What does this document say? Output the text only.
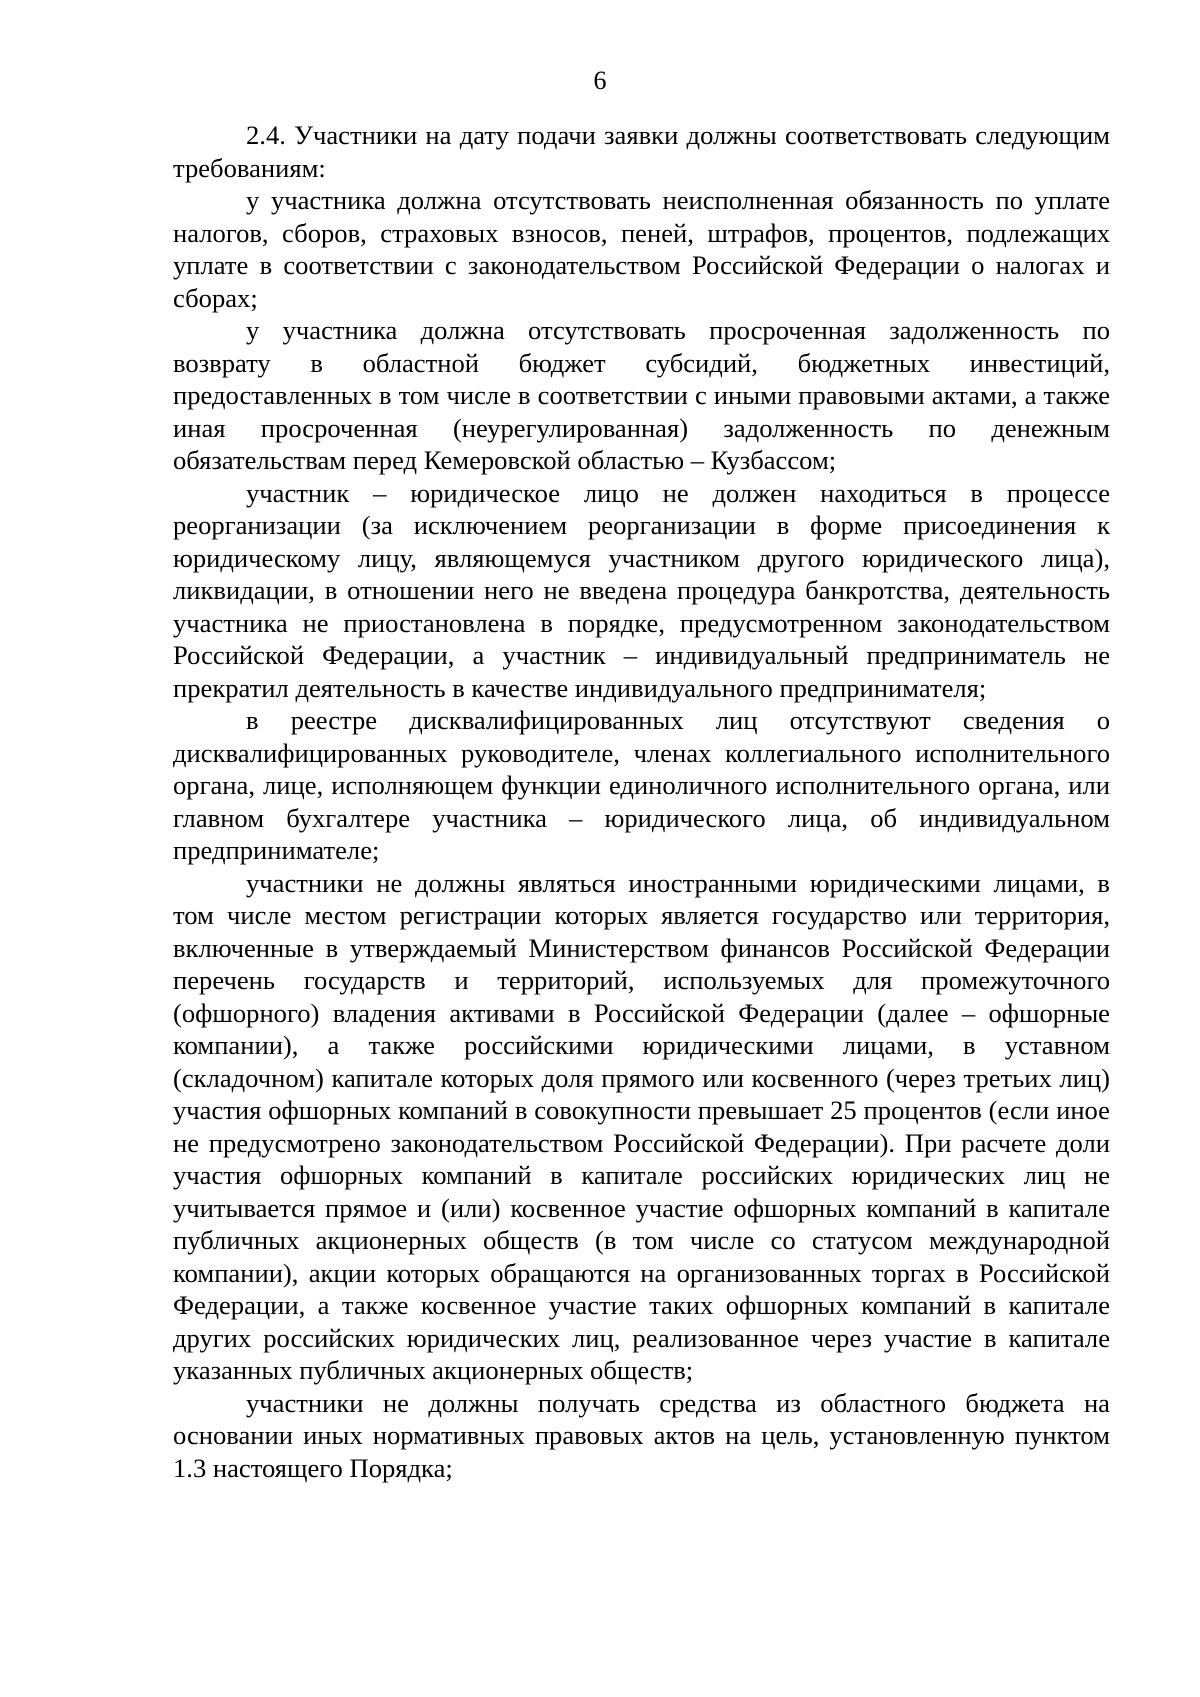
6

2.4. Участники на дату подачи заявки должны соответствовать следующим требованиям:

у участника должна отсутствовать неисполненная обязанность по уплате налогов, сборов, страховых взносов, пеней, штрафов, процентов, подлежащих уплате в соответствии с законодательством Российской Федерации о налогах и сборах;

у участника должна отсутствовать просроченная задолженность по возврату в областной бюджет субсидий, бюджетных инвестиций, предоставленных в том числе в соответствии с иными правовыми актами, а также иная просроченная (неурегулированная) задолженность по денежным обязательствам перед Кемеровской областью – Кузбассом;

участник – юридическое лицо не должен находиться в процессе реорганизации (за исключением реорганизации в форме присоединения к юридическому лицу, являющемуся участником другого юридического лица), ликвидации, в отношении него не введена процедура банкротства, деятельность участника не приостановлена в порядке, предусмотренном законодательством Российской Федерации, а участник – индивидуальный предприниматель не прекратил деятельность в качестве индивидуального предпринимателя;

в реестре дисквалифицированных лиц отсутствуют сведения о дисквалифицированных руководителе, членах коллегиального исполнительного органа, лице, исполняющем функции единоличного исполнительного органа, или главном бухгалтере участника – юридического лица, об индивидуальном предпринимателе;

участники не должны являться иностранными юридическими лицами, в том числе местом регистрации которых является государство или территория, включенные в утверждаемый Министерством финансов Российской Федерации перечень государств и территорий, используемых для промежуточного (офшорного) владения активами в Российской Федерации (далее – офшорные компании), а также российскими юридическими лицами, в уставном (складочном) капитале которых доля прямого или косвенного (через третьих лиц) участия офшорных компаний в совокупности превышает 25 процентов (если иное не предусмотрено законодательством Российской Федерации). При расчете доли участия офшорных компаний в капитале российских юридических лиц не учитывается прямое и (или) косвенное участие офшорных компаний в капитале публичных акционерных обществ (в том числе со статусом международной компании), акции которых обращаются на организованных торгах в Российской Федерации, а также косвенное участие таких офшорных компаний в капитале других российских юридических лиц, реализованное через участие в капитале указанных публичных акционерных обществ;

участники не должны получать средства из областного бюджета на основании иных нормативных правовых актов на цель, установленную пунктом 1.3 настоящего Порядка;
